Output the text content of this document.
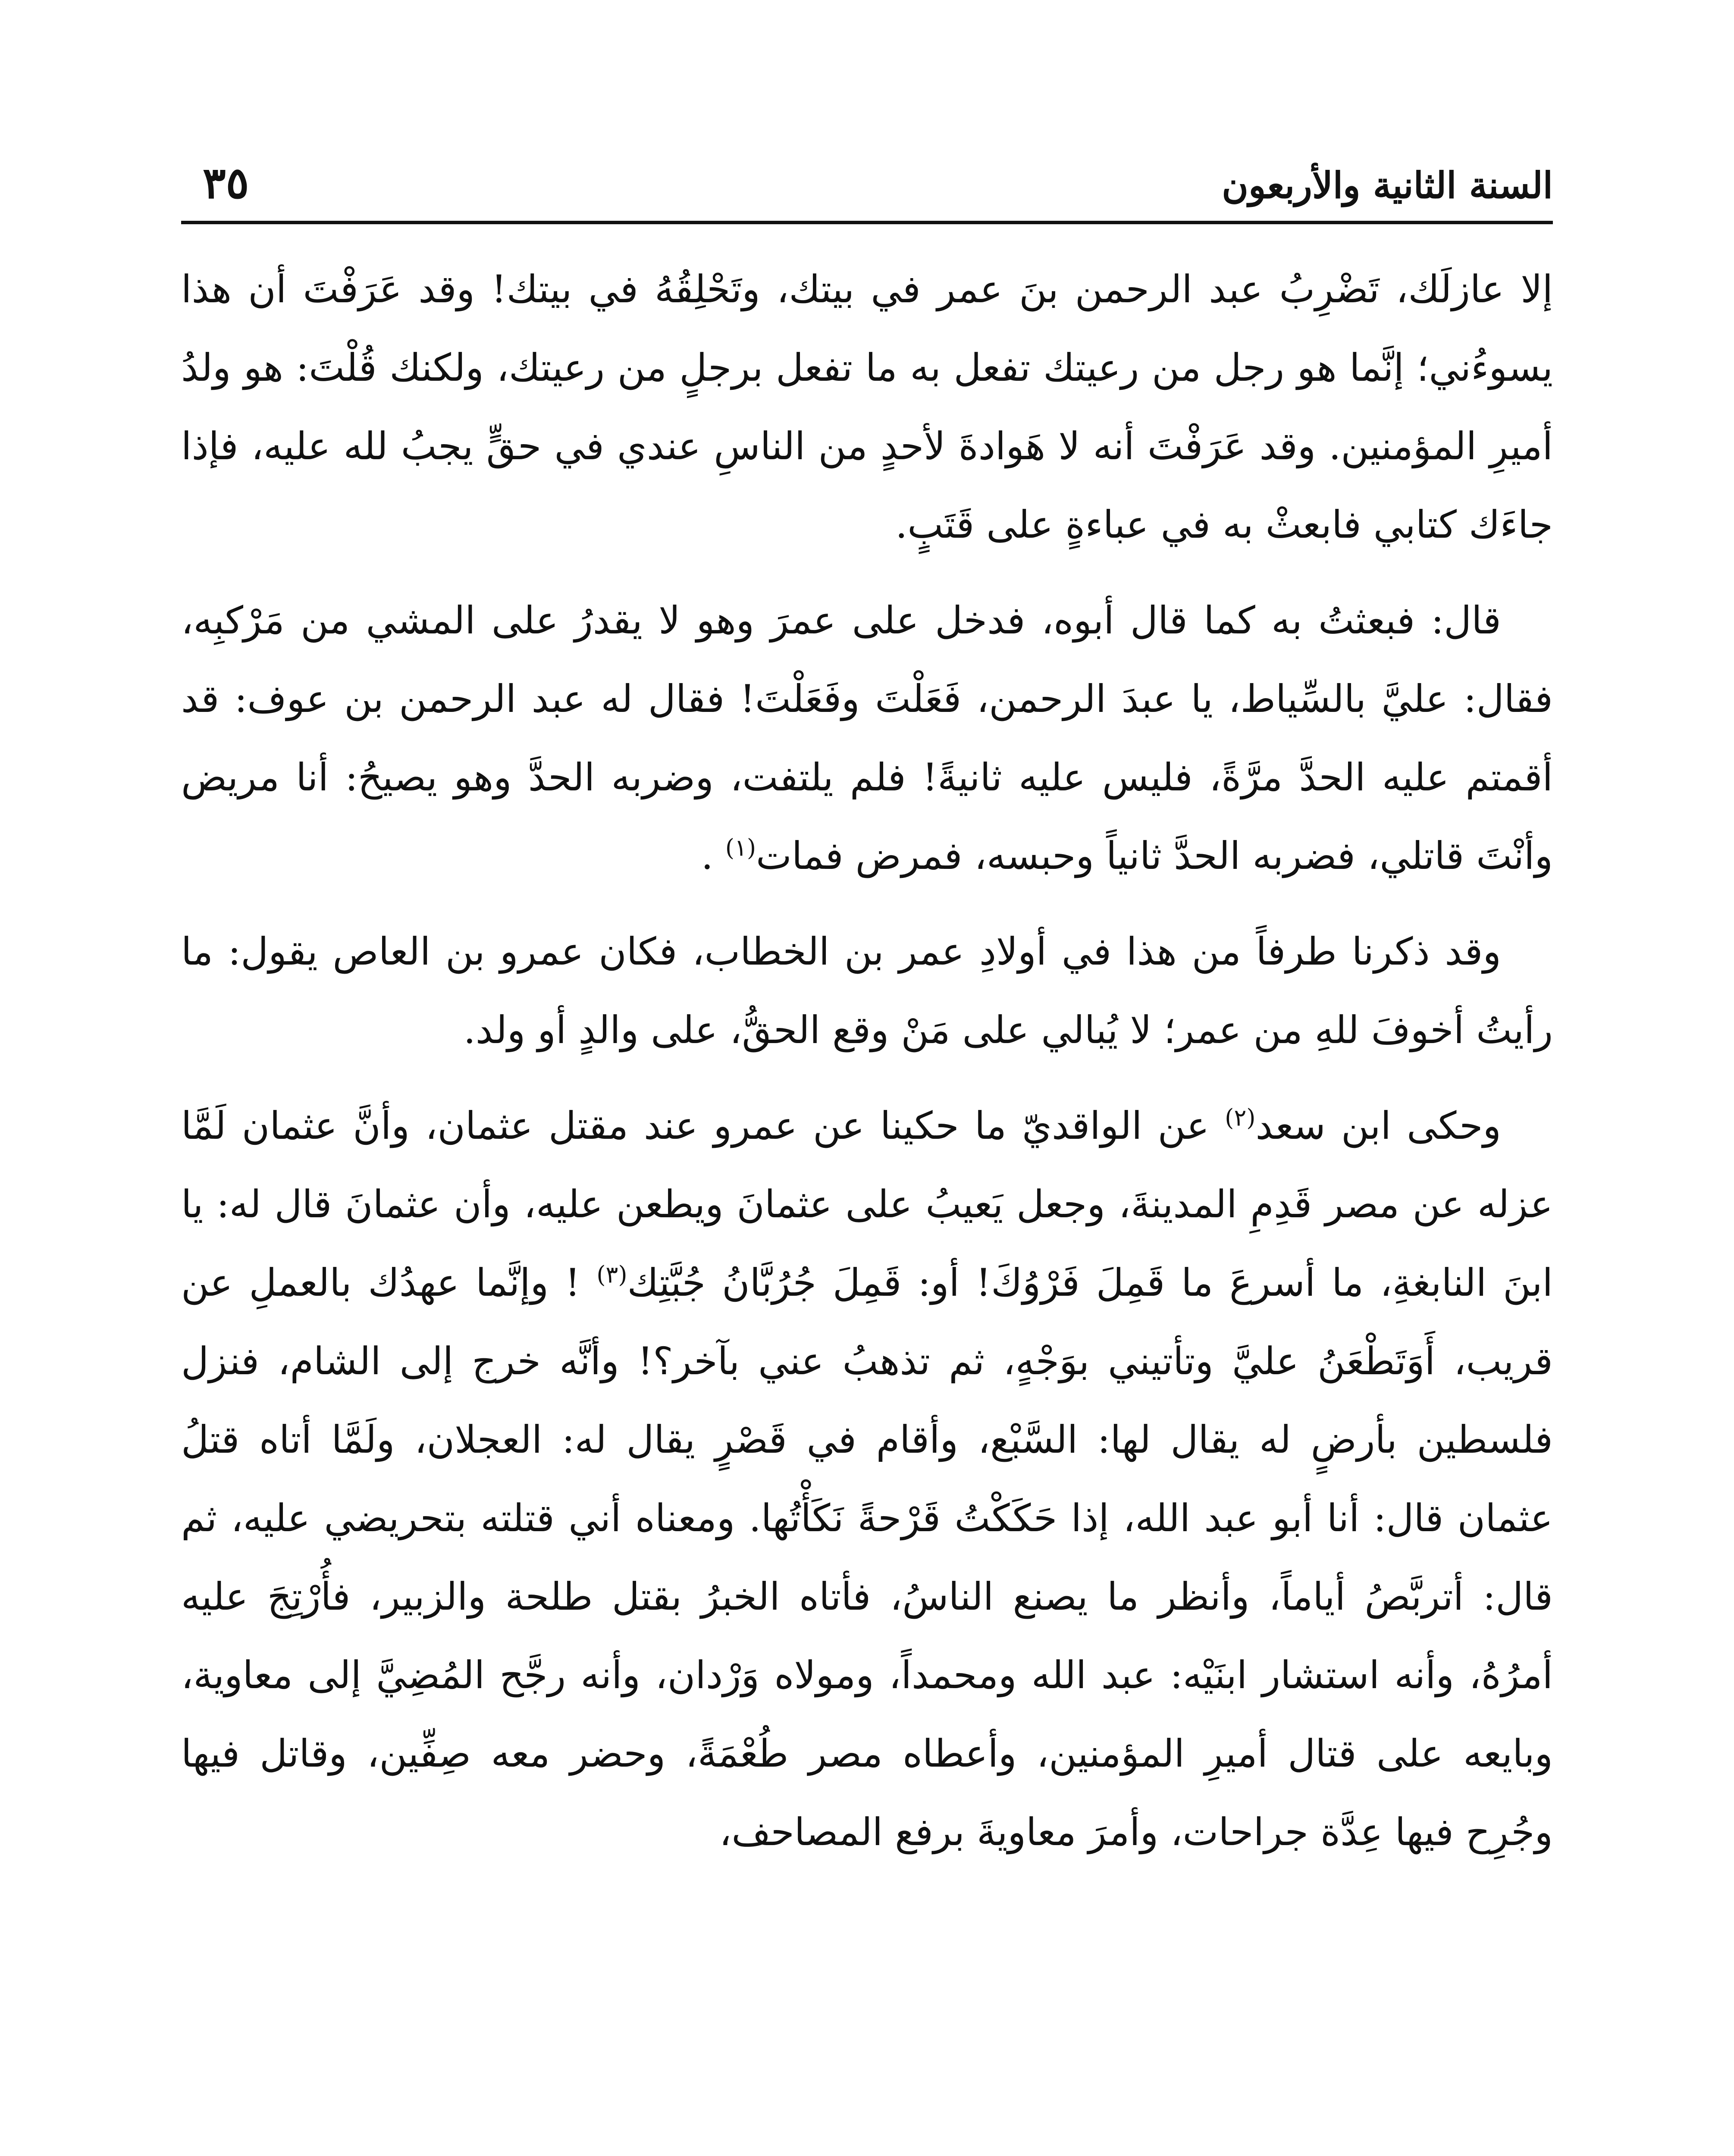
السنة الثانية والأربعون
٣٥

إلا عازلَك، تَضْرِبُ عبد الرحمن بنَ عمر في بيتك، وتَحْلِقُهُ في بيتك! وقد عَرَفْتَ أن هذا يسوءُني؛ إنَّما هو رجل من رعيتك تفعل به ما تفعل برجلٍ من رعيتك، ولكنك قُلْتَ: هو ولدُ أميرِ المؤمنين. وقد عَرَفْتَ أنه لا هَوادةَ لأحدٍ من الناسِ عندي في حقٍّ يجبُ لله عليه، فإذا جاءَك كتابي فابعثْ به في عباءةٍ على قَتَبٍ.

قال: فبعثتُ به كما قال أبوه، فدخل على عمرَ وهو لا يقدرُ على المشي من مَرْكبِه، فقال: عليَّ بالسِّياط، يا عبدَ الرحمن، فَعَلْتَ وفَعَلْتَ! فقال له عبد الرحمن بن عوف: قد أقمتم عليه الحدَّ مرَّةً، فليس عليه ثانيةً! فلم يلتفت، وضربه الحدَّ وهو يصيحُ: أنا مريض وأنْتَ قاتلي، فضربه الحدَّ ثانياً وحبسه، فمرض فمات$^{(١)}$ .

وقد ذكرنا طرفاً من هذا في أولادِ عمر بن الخطاب، فكان عمرو بن العاص يقول: ما رأيتُ أخوفَ للهِ من عمر؛ لا يُبالي على مَنْ وقع الحقُّ، على والدٍ أو ولد.

وحكى ابن سعد$^{(٢)}$ عن الواقديّ ما حكينا عن عمرو عند مقتل عثمان، وأنَّ عثمان لَمَّا عزله عن مصر قَدِمِ المدينةَ، وجعل يَعيبُ على عثمانَ ويطعن عليه، وأن عثمانَ قال له: يا ابنَ النابغةِ، ما أسرعَ ما قَمِلَ فَرْوُكَ! أو: قَمِلَ جُرُبَّانُ جُبَّتِك$^{(٣)}$ ! وإنَّما عهدُك بالعملِ عن قريب، أَوَتَطْعَنُ عليَّ وتأتيني بوَجْهٍ، ثم تذهبُ عني بآخر؟! وأنَّه خرج إلى الشام، فنزل فلسطين بأرضٍ له يقال لها: السَّبْع، وأقام في قَصْرٍ يقال له: العجلان، ولَمَّا أتاه قتلُ عثمان قال: أنا أبو عبد الله، إذا حَكَكْتُ قَرْحةً نَكَأْتُها. ومعناه أني قتلته بتحريضي عليه، ثم قال: أتربَّصُ أياماً، وأنظر ما يصنع الناسُ، فأتاه الخبرُ بقتل طلحة والزبير، فأُرْتِجَ عليه أمرُهُ، وأنه استشار ابنَيْه: عبد الله ومحمداً، ومولاه وَرْدان، وأنه رجَّح المُضِيَّ إلى معاوية، وبايعه على قتال أميرِ المؤمنين، وأعطاه مصر طُعْمَةً، وحضر معه صِفِّين، وقاتل فيها وجُرِح فيها عِدَّة جراحات، وأمرَ معاويةَ برفع المصاحف،
